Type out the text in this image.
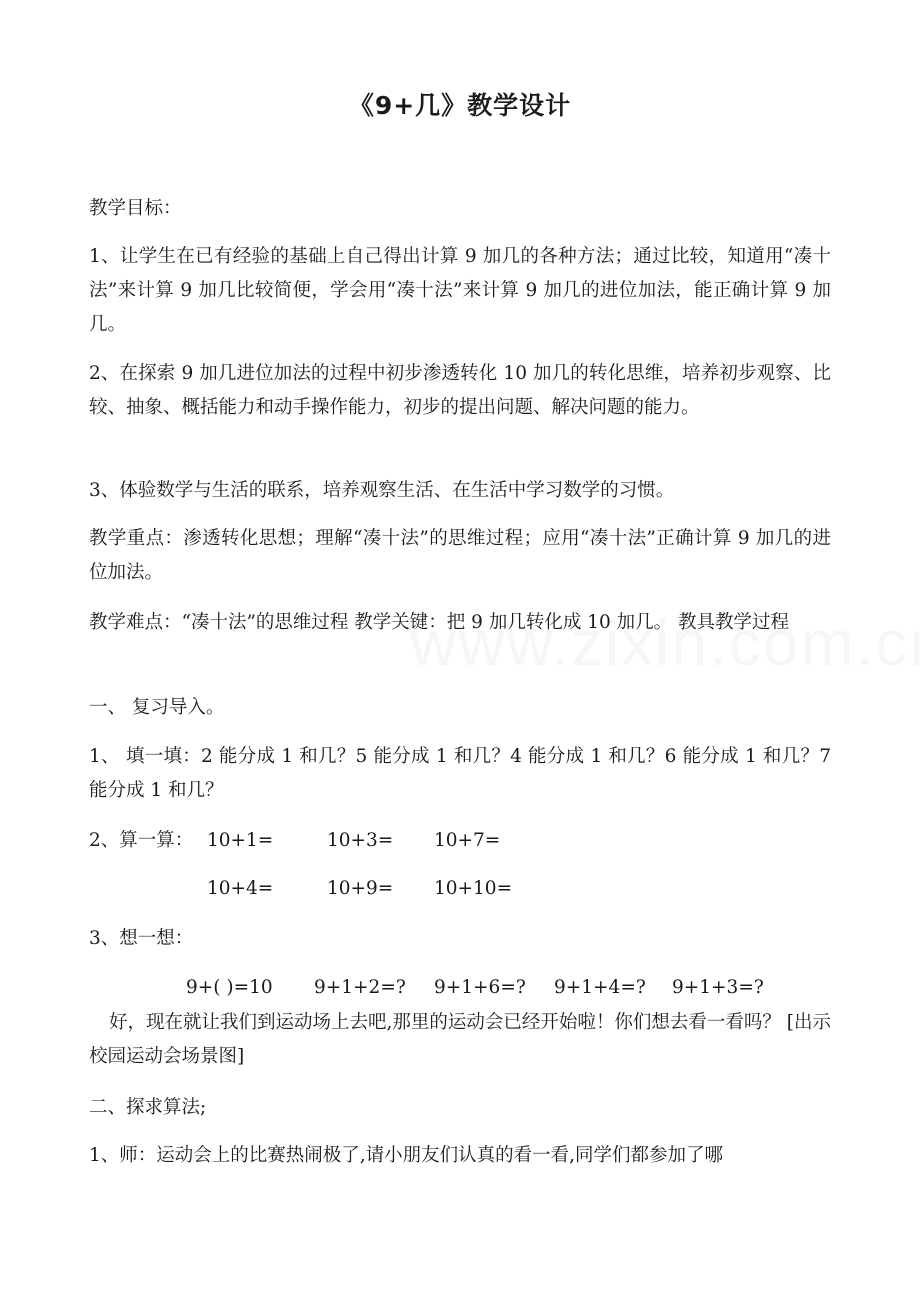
《9+几》教学设计
教学目标：
1、让学生在已有经验的基础上自己得出计算 9 加几的各种方法；通过比较，知道用“凑十法”来计算 9 加几比较简便，学会用“凑十法”来计算 9 加几的进位加法，能正确计算 9 加几。
2、在探索 9 加几进位加法的过程中初步渗透转化 10 加几的转化思维，培养初步观察、比较、抽象、概括能力和动手操作能力，初步的提出问题、解决问题的能力。
3、体验数学与生活的联系，培养观察生活、在生活中学习数学的习惯。
教学重点：渗透转化思想；理解“凑十法”的思维过程；应用“凑十法”正确计算 9 加几的进位加法。
教学难点：“凑十法”的思维过程 教学关键：把 9 加几转化成 10 加几。 教具教学过程
一、 复习导入。
1、 填一填：2 能分成 1 和几？5 能分成 1 和几？4 能分成 1 和几？6 能分成 1 和几？7 能分成 1 和几？
2、算一算： 10+1=	10+3= 10+7=
10+4=	10+9= 10+10=
3、想一想：
9+( )=10 9+1+2=? 9+1+6=? 9+1+4=? 9+1+3=?
好，现在就让我们到运动场上去吧,那里的运动会已经开始啦！你们想去看一看吗？ [出示校园运动会场景图]
二、探求算法;
1、师：运动会上的比赛热闹极了,请小朋友们认真的看一看,同学们都参加了哪
